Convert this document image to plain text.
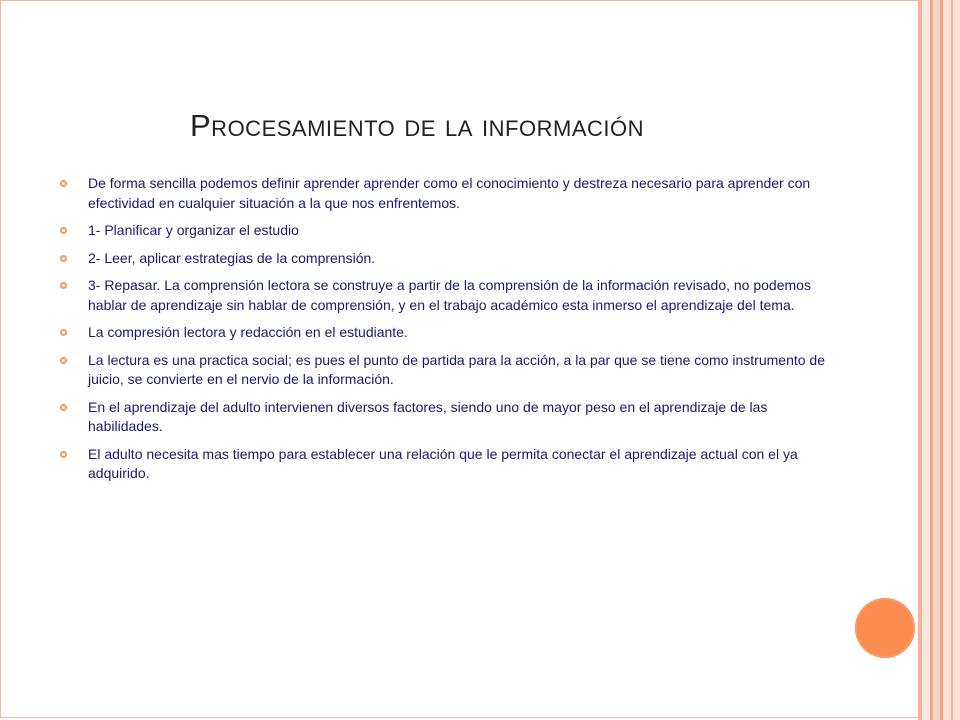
Procesamiento de la información
De forma sencilla podemos definir aprender aprender como el conocimiento y destreza necesario para aprender con efectividad en cualquier situación a la que nos enfrentemos.
1- Planificar y organizar el estudio
2- Leer, aplicar estrategias de la comprensión.
3- Repasar. La comprensión lectora se construye a partir de la comprensión de la información revisado, no podemos hablar de aprendizaje sin hablar de comprensión, y en el trabajo académico esta inmerso el aprendizaje del tema.
La compresión lectora y redacción en el estudiante.
La lectura es una practica social; es pues el punto de partida para la acción, a la par que se tiene como instrumento de juicio, se convierte en el nervio de la información.
En el aprendizaje del adulto intervienen diversos factores, siendo uno de mayor peso en el aprendizaje de las habilidades.
El adulto necesita mas tiempo para establecer una relación que le permita conectar el aprendizaje actual con el ya adquirido.
